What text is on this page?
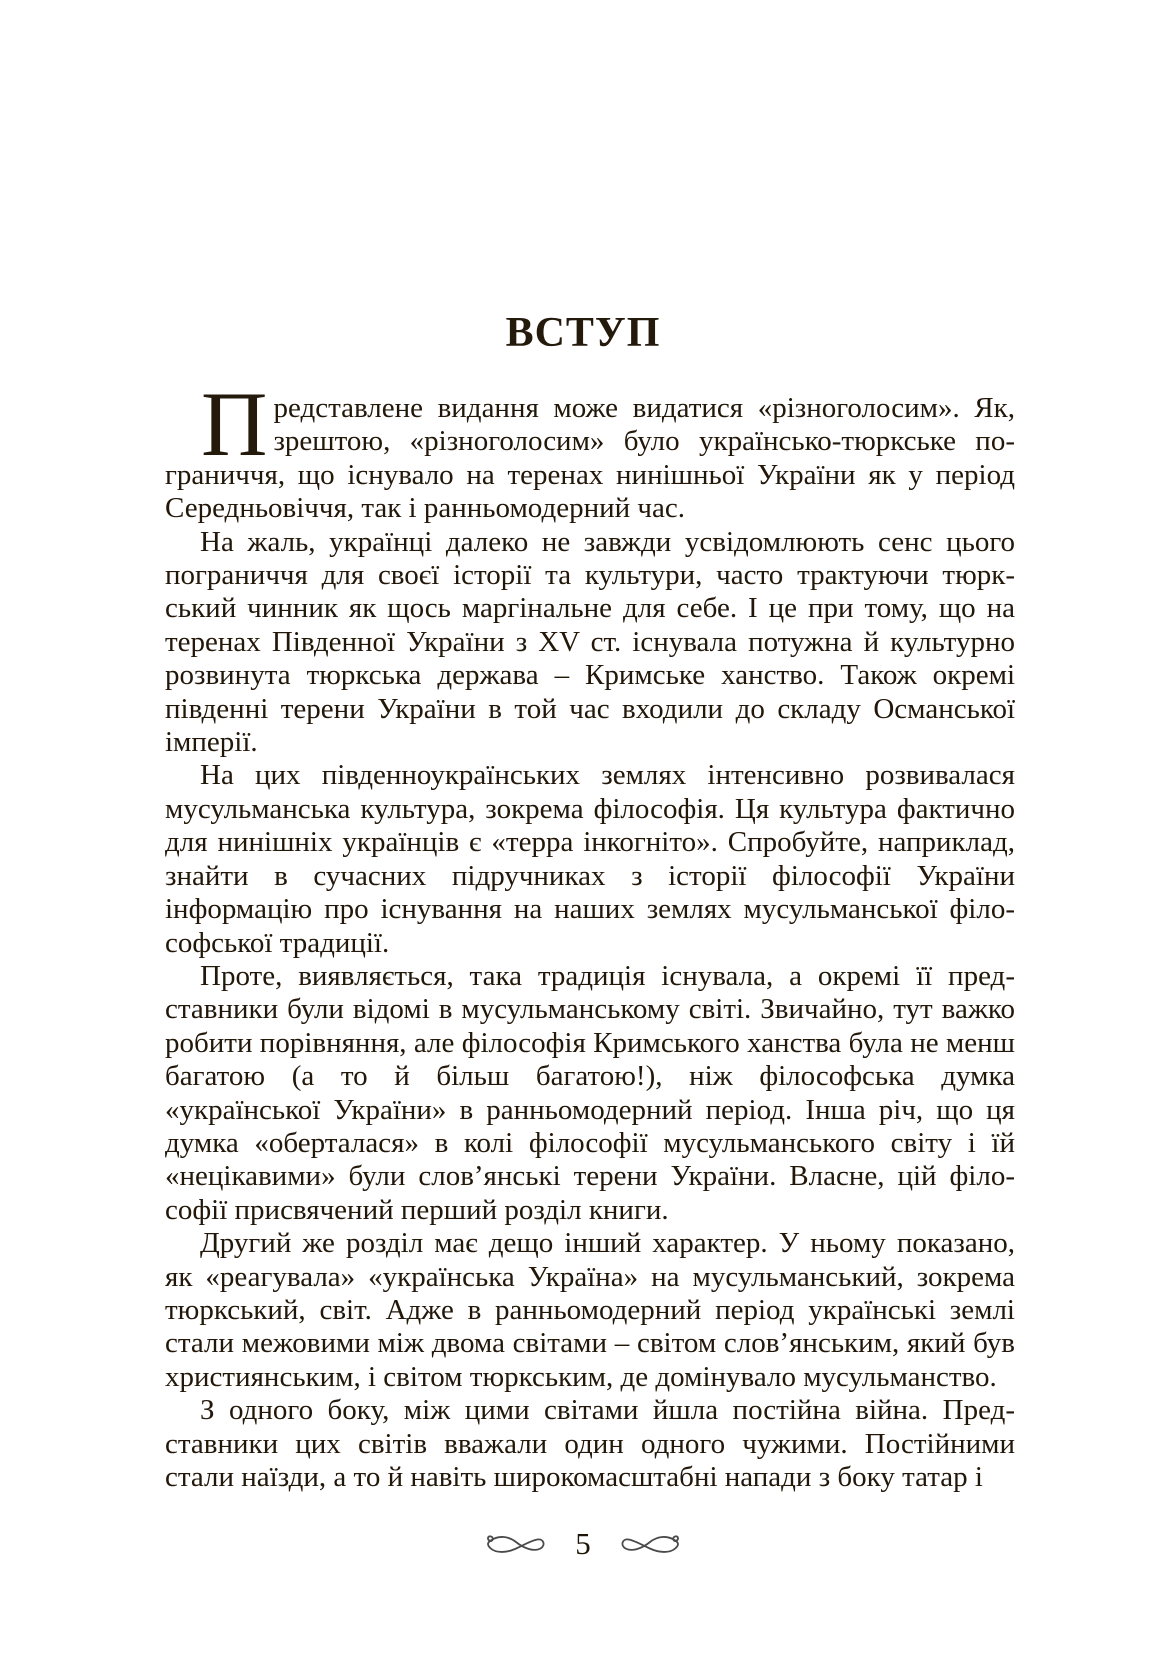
ВСТУП

Представлене видання може видатися «різноголосим». Як, зрештою, «різноголосим» було українсько-тюркське пограниччя, що існувало на теренах нинішньої України як у період Середньовіччя, так і ранньомодерний час.

На жаль, українці далеко не завжди усвідомлюють сенс цього пограниччя для своєї історії та культури, часто трактуючи тюркський чинник як щось маргінальне для себе. І це при тому, що на теренах Південної України з XV ст. існувала потужна й культурно розвинута тюркська держава – Кримське ханство. Також окремі південні терени України в той час входили до складу Османської імперії.

На цих південноукраїнських землях інтенсивно розвивалася мусульманська культура, зокрема філософія. Ця культура фактично для нинішніх українців є «терра інкогніто». Спробуйте, наприклад, знайти в сучасних підручниках з історії філософії України інформацію про існування на наших землях мусульманської філософської традиції.

Проте, виявляється, така традиція існувала, а окремі її представники були відомі в мусульманському світі. Звичайно, тут важко робити порівняння, але філософія Кримського ханства була не менш багатою (а то й більш багатою!), ніж філософська думка «української України» в ранньомодерний період. Інша річ, що ця думка «оберталася» в колі філософії мусульманського світу і їй «нецікавими» були слов’янські терени України. Власне, цій філософії присвячений перший розділ книги.

Другий же розділ має дещо інший характер. У ньому показано, як «реагувала» «українська Україна» на мусульманський, зокрема тюркський, світ. Адже в ранньомодерний період українські землі стали межовими між двома світами – світом слов’янським, який був християнським, і світом тюркським, де домінувало мусульманство.

З одного боку, між цими світами йшла постійна війна. Представники цих світів вважали один одного чужими. Постійними стали наїзди, а то й навіть широкомасштабні напади з боку татар і

5
